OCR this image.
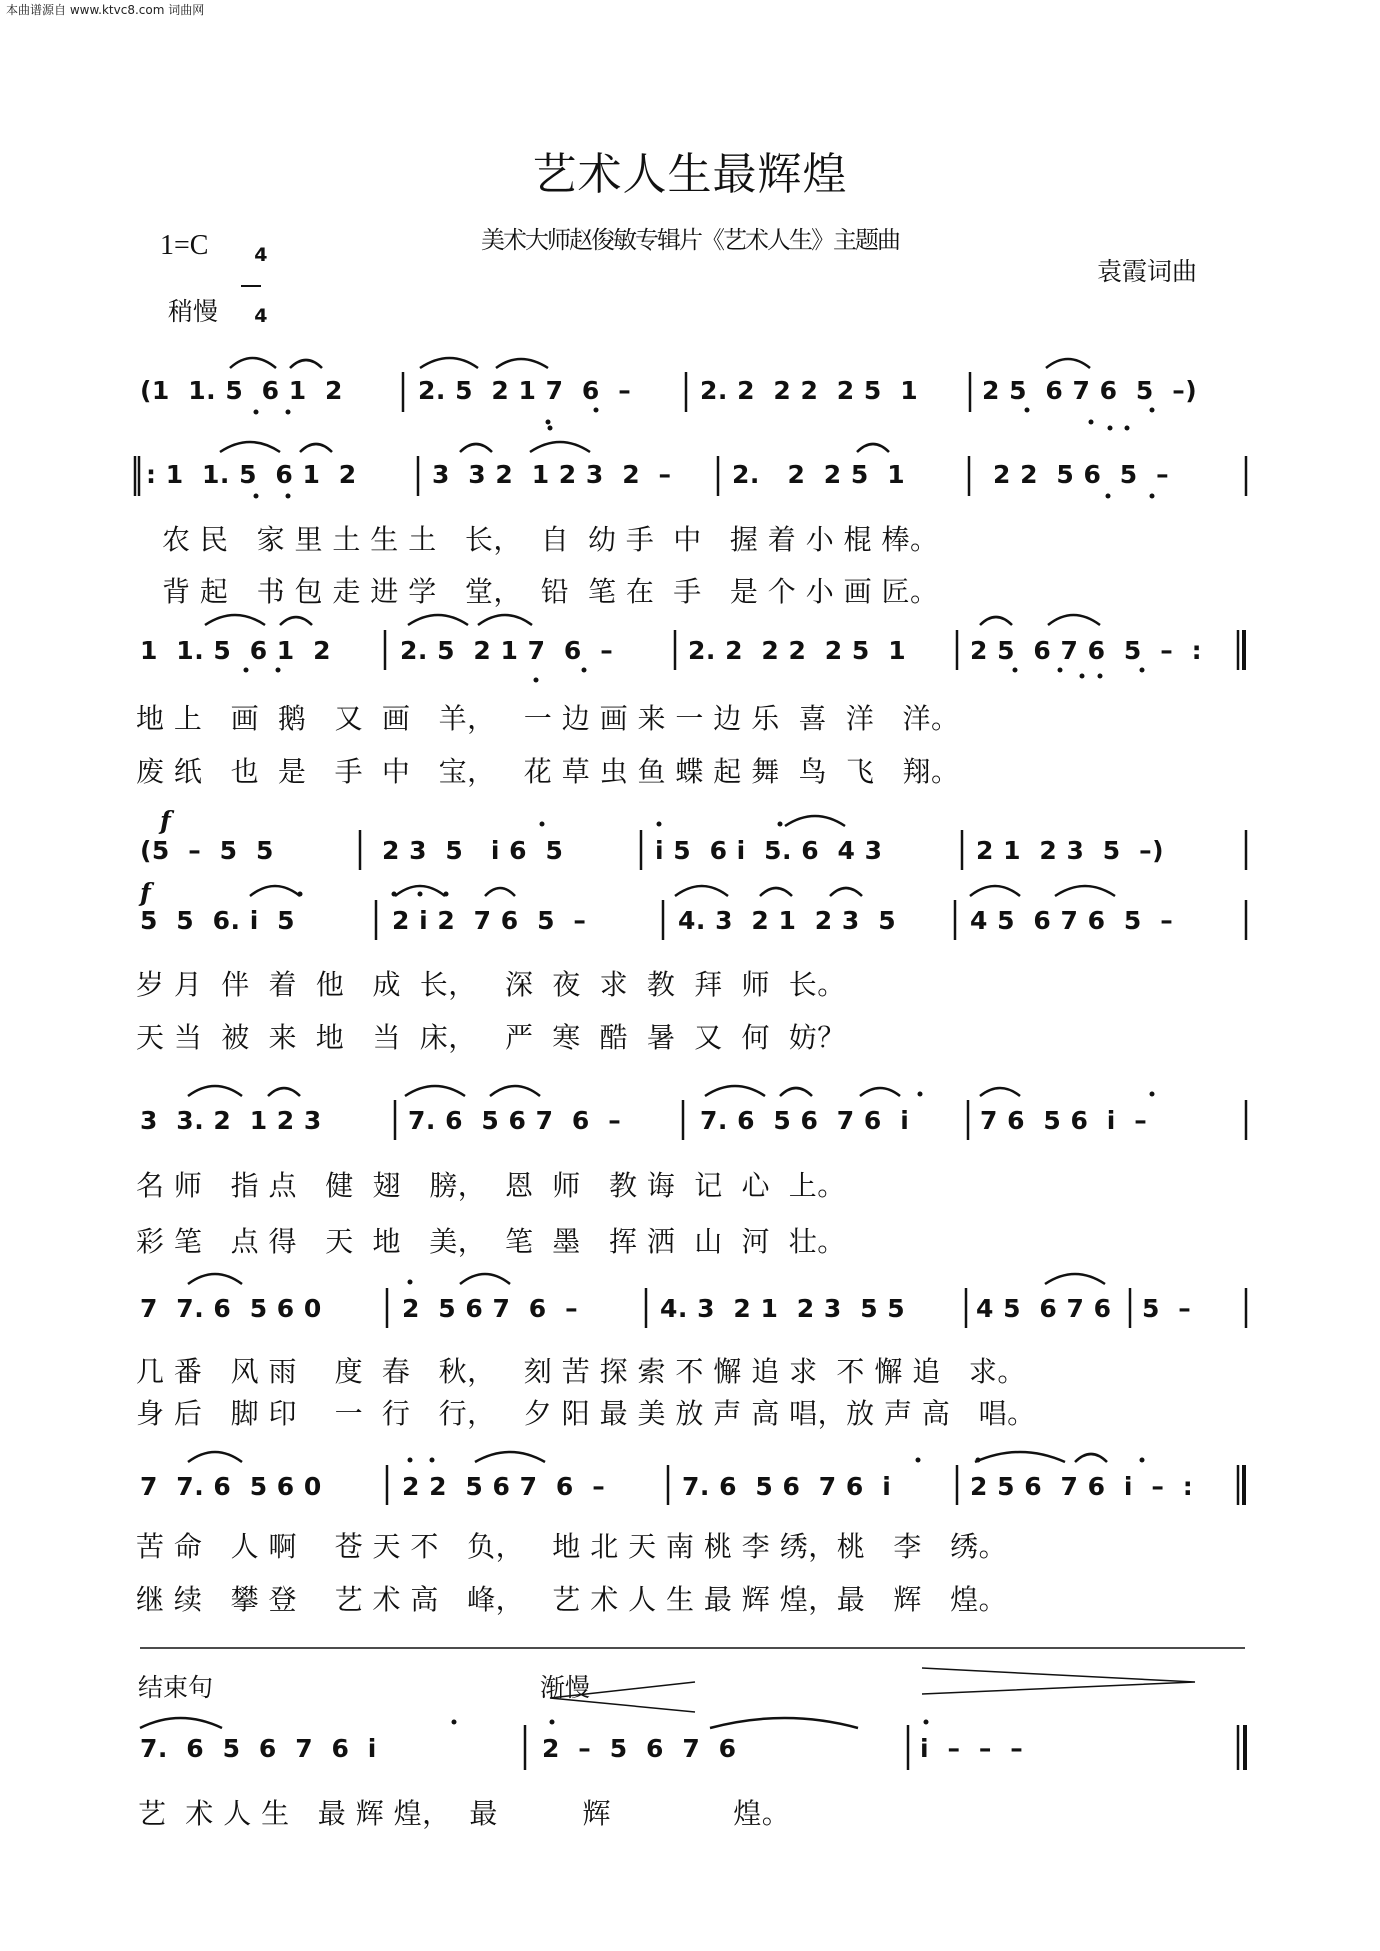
本曲谱源自 www.ktvc8.com 词曲网
艺术人生最辉煌
美术大师赵俊敏专辑片《艺术人生》主题曲
1=C	4

4

稍慢
袁霞词曲
(1  1. 5  6 1  2	2. 5  2 1 7  6  –	2. 2  2 2  2 5  1	2 5  6 7 6  5  –)
: 1  1. 5  6 1  2	3  3 2  1 2 3  2  – 2.   2  2 5  1	2 2  5 6  5  –
农 民   家 里 土 生 土   长，  自  幼 手  中   握 着 小 棍 棒。
背 起   书 包 走 进 学   堂，  铅  笔 在  手   是 个 小 画 匠。
1  1. 5  6 1  2	2. 5  2 1 7  6  –	2. 2  2 2  2 5  1	2 5  6 7 6  5  –  :
地 上   画  鹅   又  画   羊，   一 边 画 来 一 边 乐  喜  洋   洋。
废 纸   也  是   手  中   宝，   花 草 虫 鱼 蝶 起 舞  鸟  飞   翔。
f
(5  –  5  5	2 3  5   i 6  5	i 5  6 i  5. 6  4 3	2 1  2 3  5  –)
f
5  5  6. i  5	2 i 2  7 6  5  –	4. 3  2 1  2 3  5	4 5  6 7 6  5  –
岁 月  伴  着  他   成  长，   深  夜  求  教  拜  师  长。
天 当  被  来  地   当  床，   严  寒  酷  暑  又  何  妨？
3  3. 2  1 2 3	7. 6  5 6 7  6  –	7. 6  5 6  7 6  i	7 6  5 6  i  –
名 师   指 点   健  翅   膀，  恩  师   教 诲  记  心  上。
彩 笔   点 得   天  地   美，  笔  墨   挥 洒  山  河  壮。
7  7. 6  5 6 0	2  5 6 7  6  –	4. 3  2 1  2 3  5 5	4 5  6 7 6 5  –
几 番   风 雨    度  春   秋，   刻 苦 探 索 不 懈 追 求  不 懈 追   求。
身 后   脚 印    一  行   行，   夕 阳 最 美 放 声 高 唱，放 声 高   唱。
7  7. 6  5 6 0	2 2  5 6 7  6  –	7. 6  5 6  7 6  i	2 5 6  7 6  i  –  :
苦 命   人 啊    苍 天 不   负，   地 北 天 南 桃 李 绣，桃   李   绣。
继 续   攀 登    艺 术 高   峰，   艺 术 人 生 最 辉 煌，最   辉   煌。
结束句	渐慢
7.  6  5  6  7  6  i	2  –  5  6  7  6	i  –  –  –
艺  术 人 生   最 辉 煌，  最         辉             煌。
